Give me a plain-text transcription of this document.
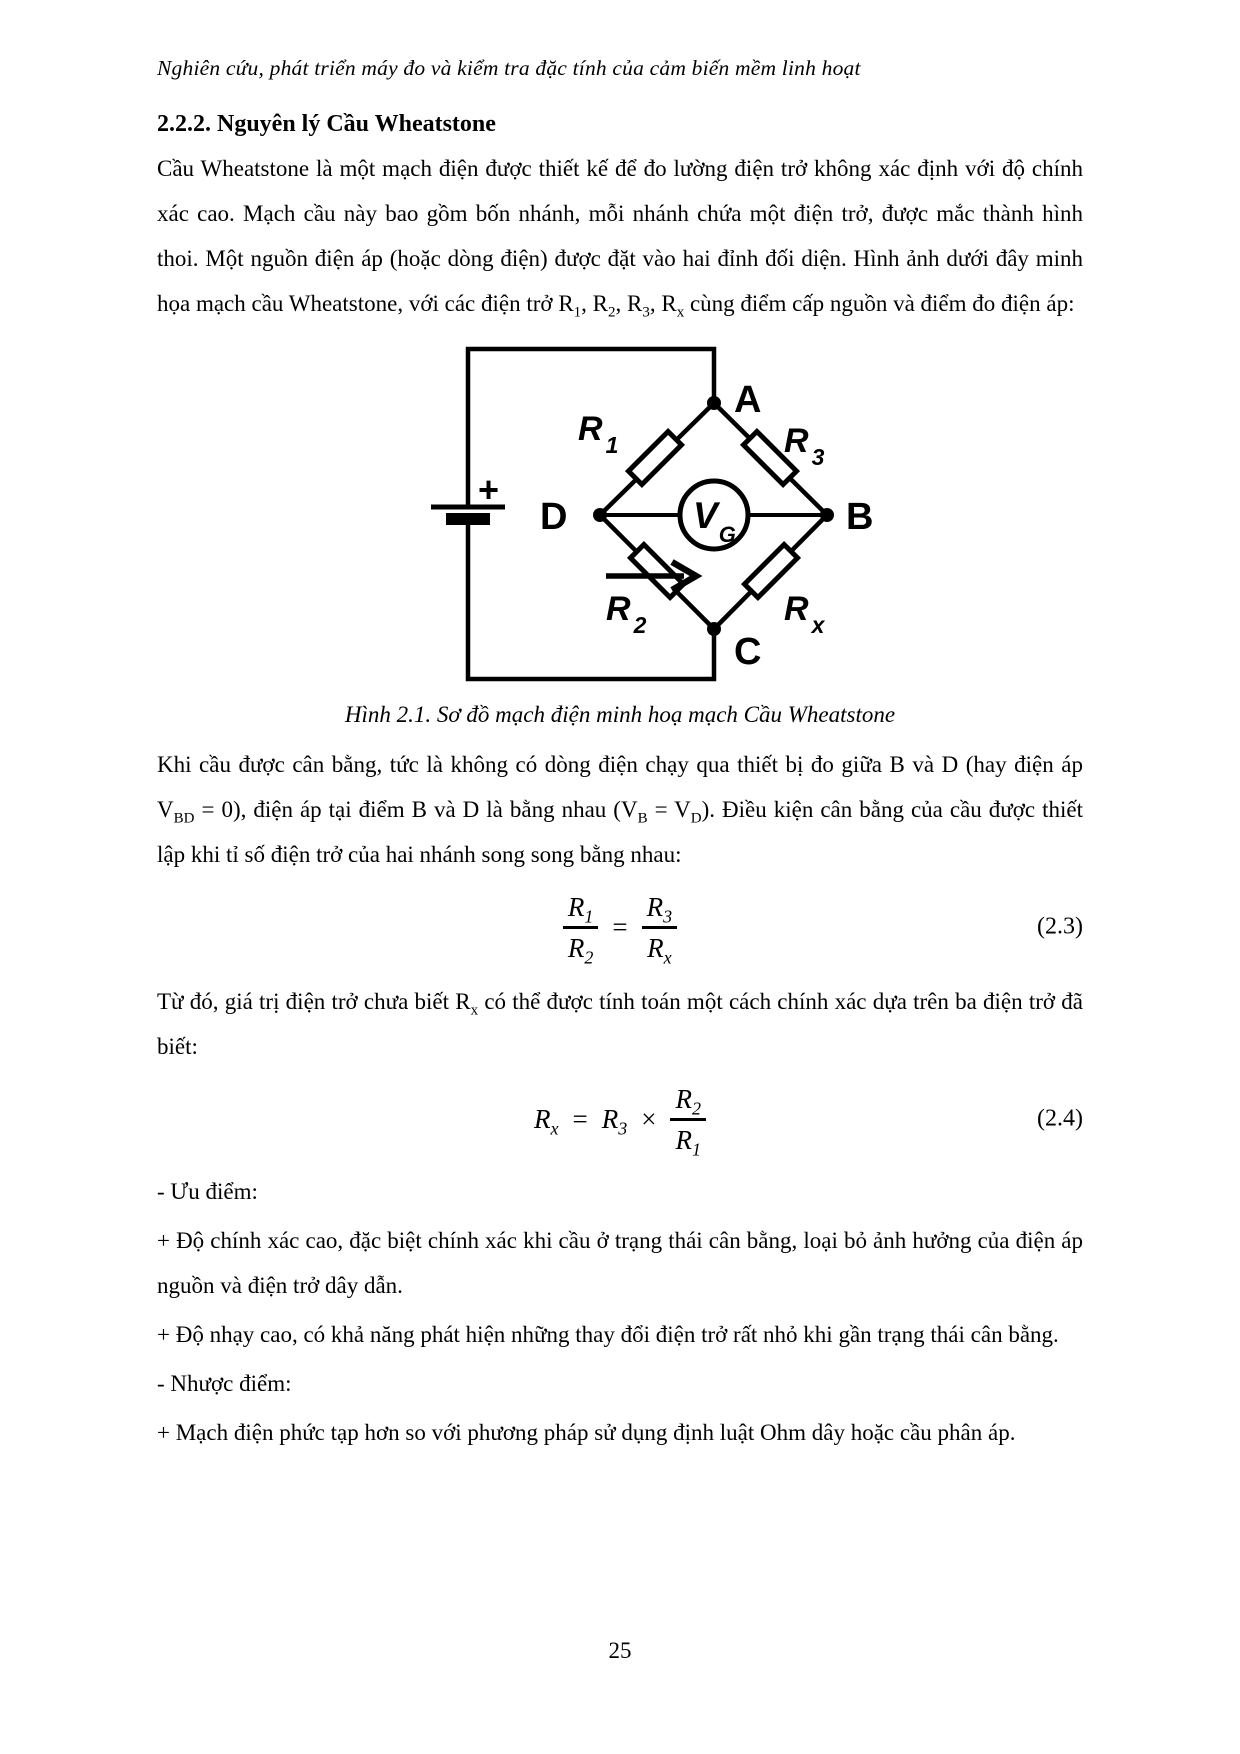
Nghiên cứu, phát triển máy đo và kiểm tra đặc tính của cảm biến mềm linh hoạt
2.2.2. Nguyên lý Cầu Wheatstone

Cầu Wheatstone là một mạch điện được thiết kế để đo lường điện trở không xác định với độ chính xác cao. Mạch cầu này bao gồm bốn nhánh, mỗi nhánh chứa một điện trở, được mắc thành hình thoi. Một nguồn điện áp (hoặc dòng điện) được đặt vào hai đỉnh đối diện. Hình ảnh dưới đây minh họa mạch cầu Wheatstone, với các điện trở $R_1$, $R_2$, $R_3$, $R_x$ cùng điểm cấp nguồn và điểm đo điện áp:

A
B
C
D
+
R $_1$	R $_3$
R $_2$	R $_x$
$V_G$
Hình 2.1. Sơ đồ mạch điện minh hoạ mạch Cầu Wheatstone

Khi cầu được cân bằng, tức là không có dòng điện chạy qua thiết bị đo giữa B và D (hay điện áp $V_{BD} = 0$), điện áp tại điểm B và D là bằng nhau $(V_B = V_D)$. Điều kiện cân bằng của cầu được thiết lập khi tỉ số điện trở của hai nhánh song song bằng nhau:

$\frac{R_1}{R_2} = \frac{R_3}{R_x}$	(2.3)

Từ đó, giá trị điện trở chưa biết $R_x$ có thể được tính toán một cách chính xác dựa trên ba điện trở đã biết:

$R_x = R_3 \times \frac{R_2}{R_1}$	(2.4)

- Ưu điểm:

+ Độ chính xác cao, đặc biệt chính xác khi cầu ở trạng thái cân bằng, loại bỏ ảnh hưởng của điện áp nguồn và điện trở dây dẫn.

+ Độ nhạy cao, có khả năng phát hiện những thay đổi điện trở rất nhỏ khi gần trạng thái cân bằng.

- Nhược điểm:

+ Mạch điện phức tạp hơn so với phương pháp sử dụng định luật Ohm dây hoặc cầu phân áp.

25
